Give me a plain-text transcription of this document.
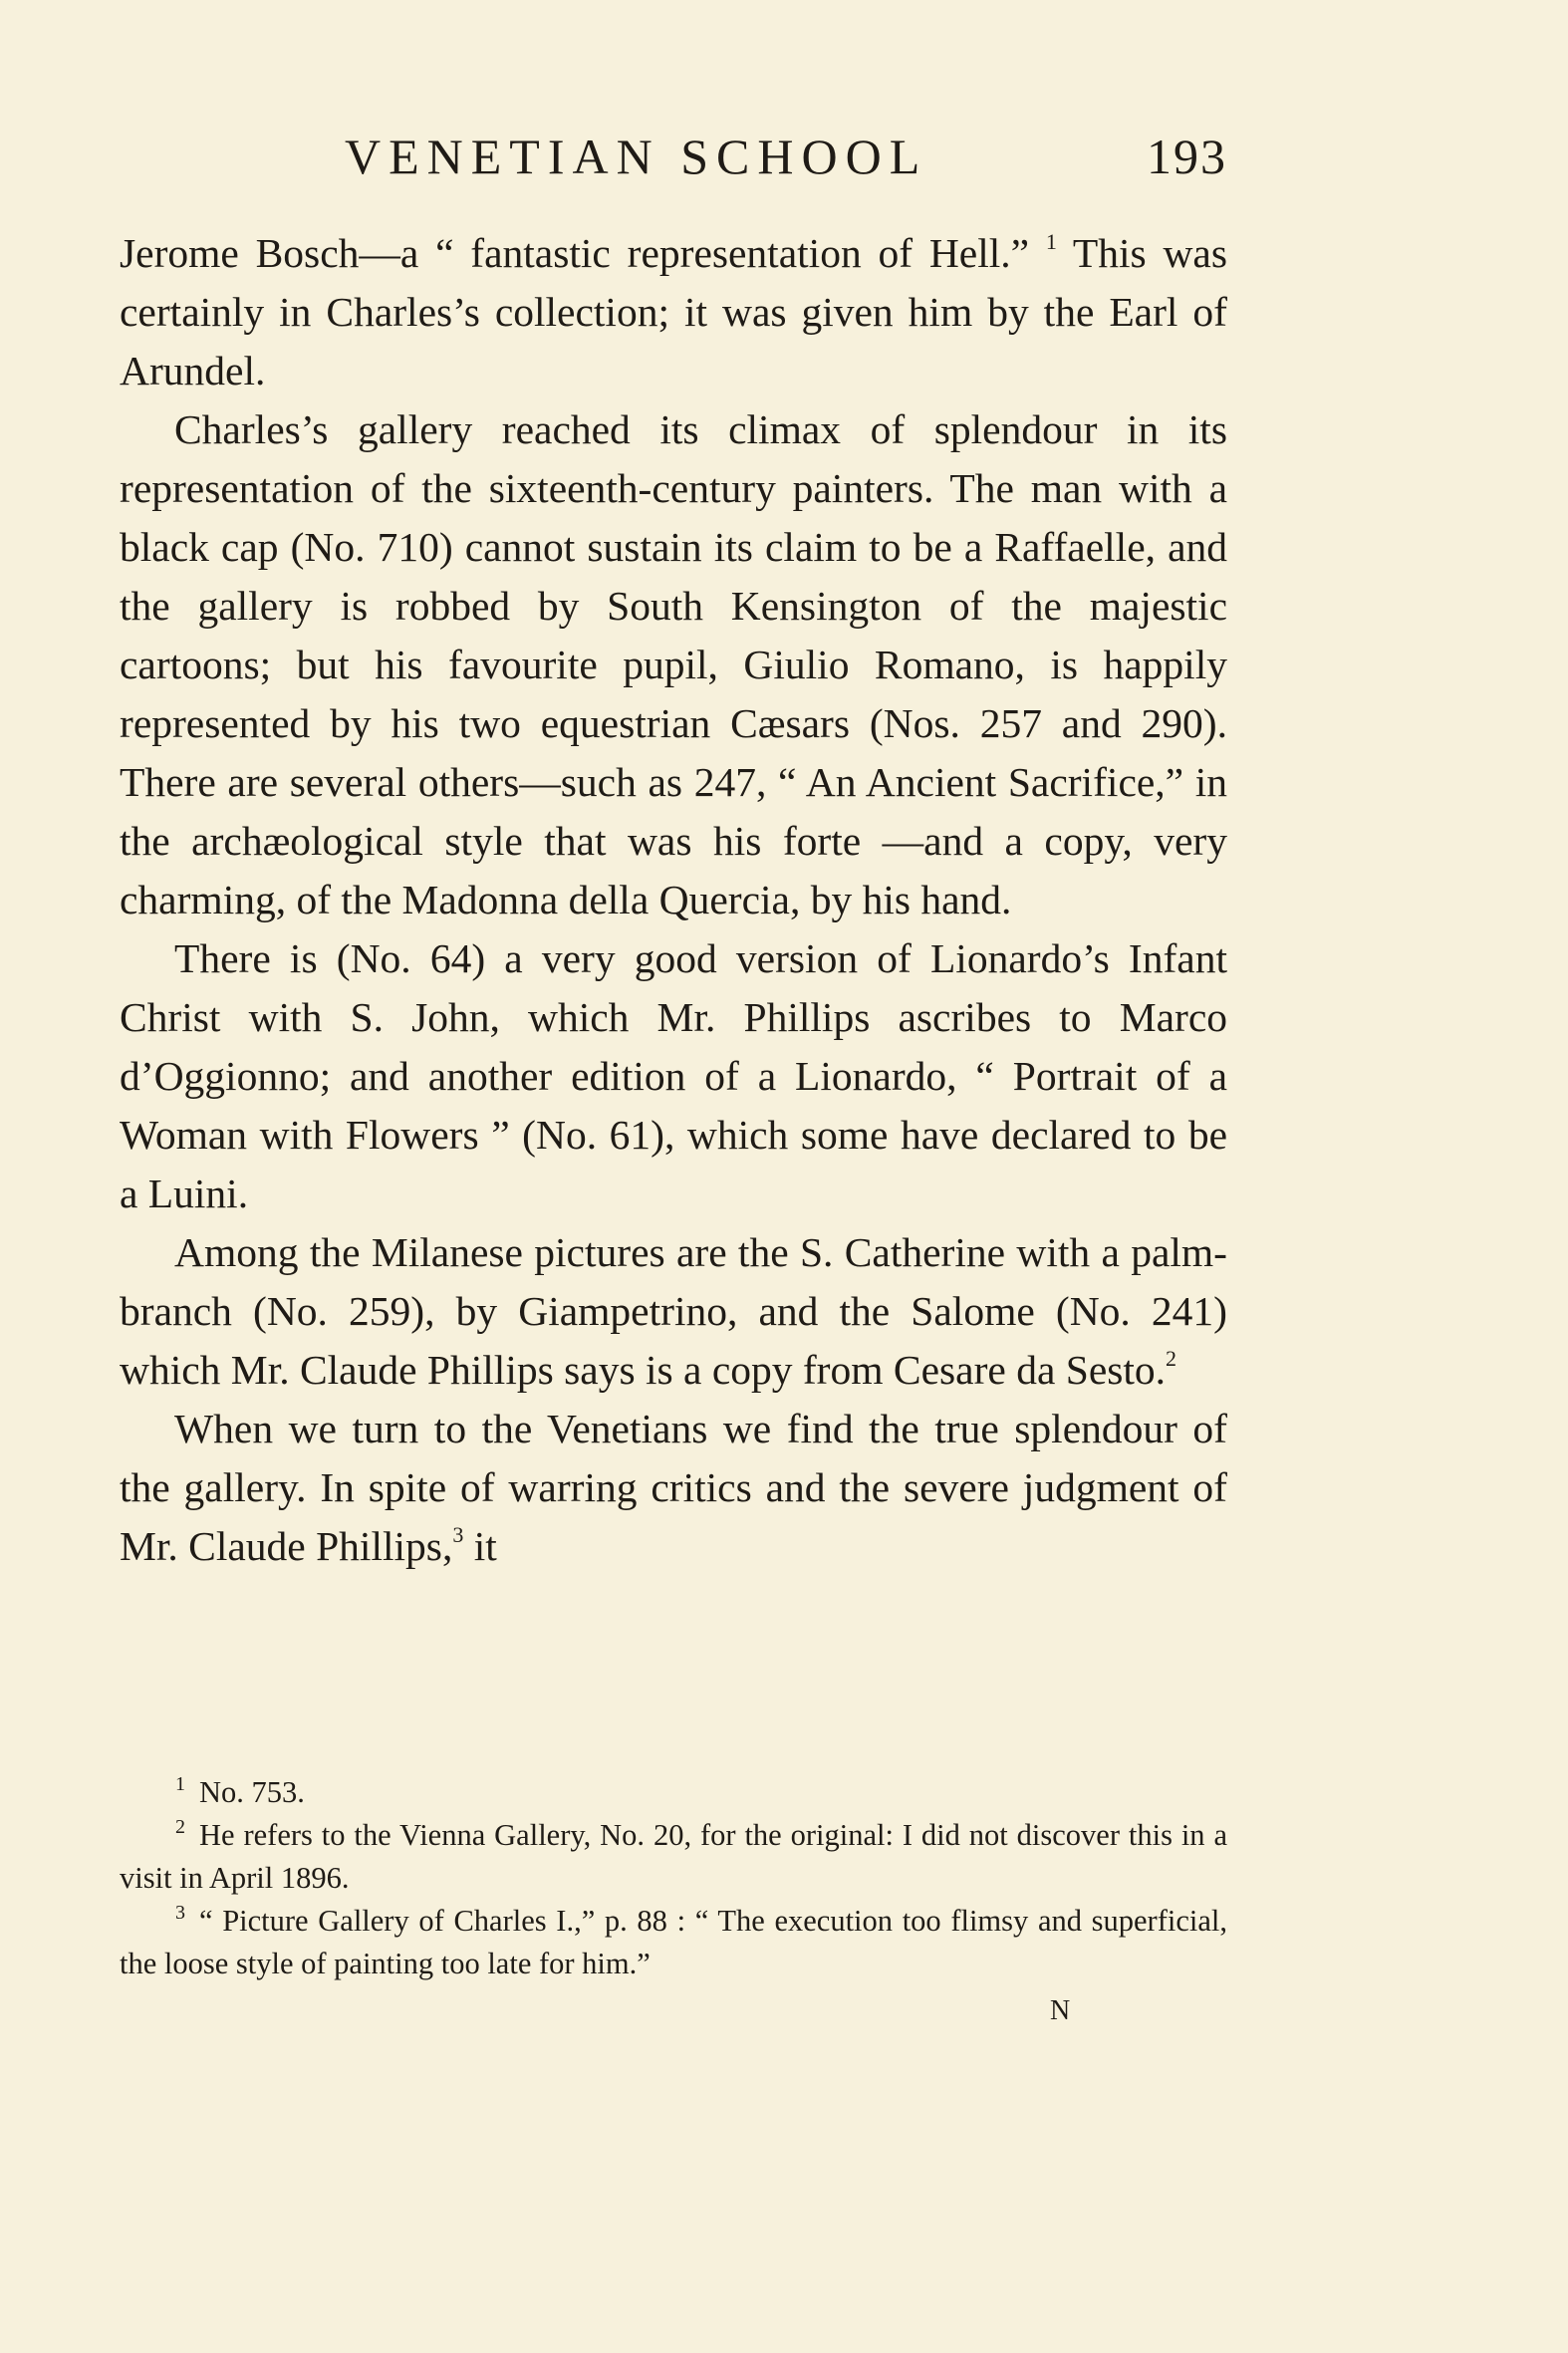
VENETIAN SCHOOL	193

Jerome Bosch—a “ fantastic representation of Hell.” $^1$ This was certainly in Charles’s collection; it was given him by the Earl of Arundel.

Charles’s gallery reached its climax of splendour in its representation of the sixteenth-century painters. The man with a black cap (No. 710) cannot sustain its claim to be a Raffaelle, and the gallery is robbed by South Kensington of the majestic cartoons; but his favourite pupil, Giulio Romano, is happily represented by his two equestrian Cæsars (Nos. 257 and 290). There are several others—such as 247, “ An Ancient Sacrifice,” in the archæological style that was his forte —and a copy, very charming, of the Madonna della Quercia, by his hand.

There is (No. 64) a very good version of Lionardo’s Infant Christ with S. John, which Mr. Phillips ascribes to Marco d’Oggionno; and another edition of a Lionardo, “ Portrait of a Woman with Flowers ” (No. 61), which some have declared to be a Luini.

Among the Milanese pictures are the S. Catherine with a palm-branch (No. 259), by Giampetrino, and the Salome (No. 241) which Mr. Claude Phillips says is a copy from Cesare da Sesto.$^2$

When we turn to the Venetians we find the true splendour of the gallery. In spite of warring critics and the severe judgment of Mr. Claude Phillips,$^3$ it

$^1$ No. 753.

$^2$ He refers to the Vienna Gallery, No. 20, for the original: I did not discover this in a visit in April 1896.

$^3$ “ Picture Gallery of Charles I.,” p. 88 : “ The execution too flimsy and superficial, the loose style of painting too late for him.”

N
